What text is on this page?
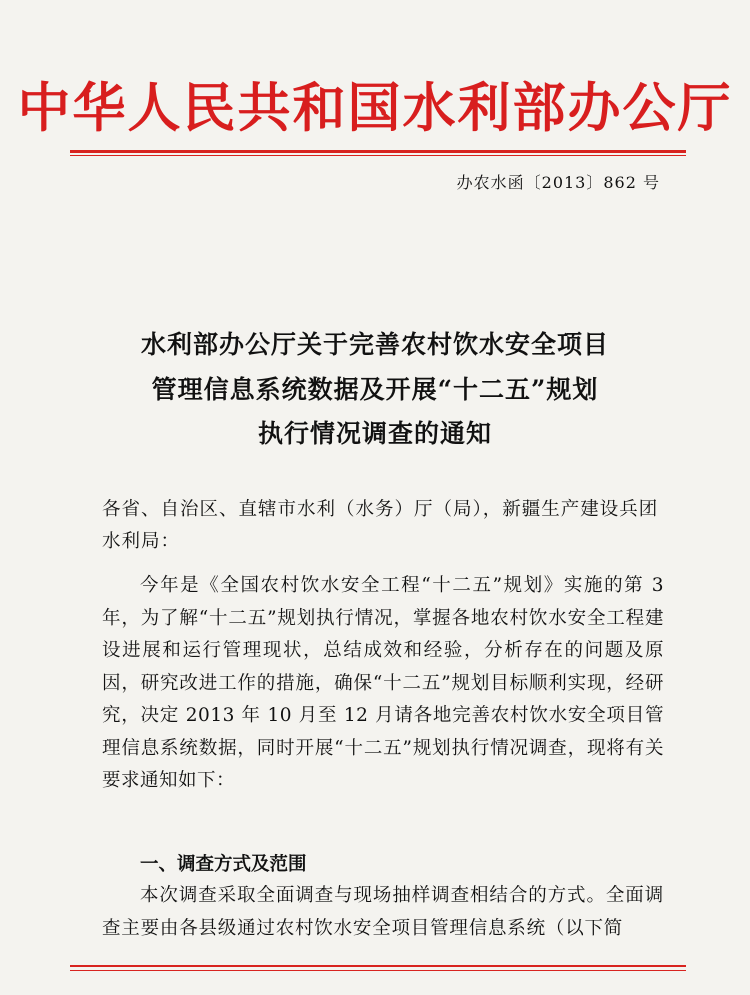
中华人民共和国水利部办公厅
办农水函〔2013〕862 号
水利部办公厅关于完善农村饮水安全项目
管理信息系统数据及开展“十二五”规划
执行情况调查的通知
各省、自治区、直辖市水利（水务）厅（局），新疆生产建设兵团水利局：
今年是《全国农村饮水安全工程“十二五”规划》实施的第 3 年，为了解“十二五”规划执行情况，掌握各地农村饮水安全工程建设进展和运行管理现状，总结成效和经验，分析存在的问题及原因，研究改进工作的措施，确保“十二五”规划目标顺利实现，经研究，决定 2013 年 10 月至 12 月请各地完善农村饮水安全项目管理信息系统数据，同时开展“十二五”规划执行情况调查，现将有关要求通知如下：
一、调查方式及范围
本次调查采取全面调查与现场抽样调查相结合的方式。全面调查主要由各县级通过农村饮水安全项目管理信息系统（以下简
